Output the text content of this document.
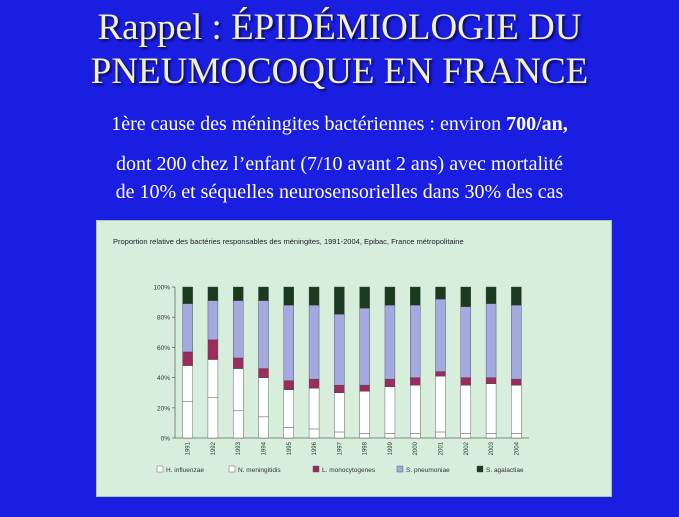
Rappel : ÉPIDÉMIOLOGIE DU
PNEUMOCOQUE EN FRANCE
1ère cause des méningites bactériennes : environ 700/an,
dont 200 chez l’enfant (7/10 avant 2 ans) avec mortalité
de 10% et séquelles neurosensorielles dans 30% des cas
Proportion relative des bactéries responsables des méningites, 1991-2004, Epibac, France métropolitaine
0%
20%
40%
60%
80%
100%
1991	1992	1993	1994	1995	1996	1997	1998	1999	2000	2001	2002	2003	2004
H. influenzae	N. meningitidis	L. monocytogenes	S. pneumoniae	S. agalactiae
